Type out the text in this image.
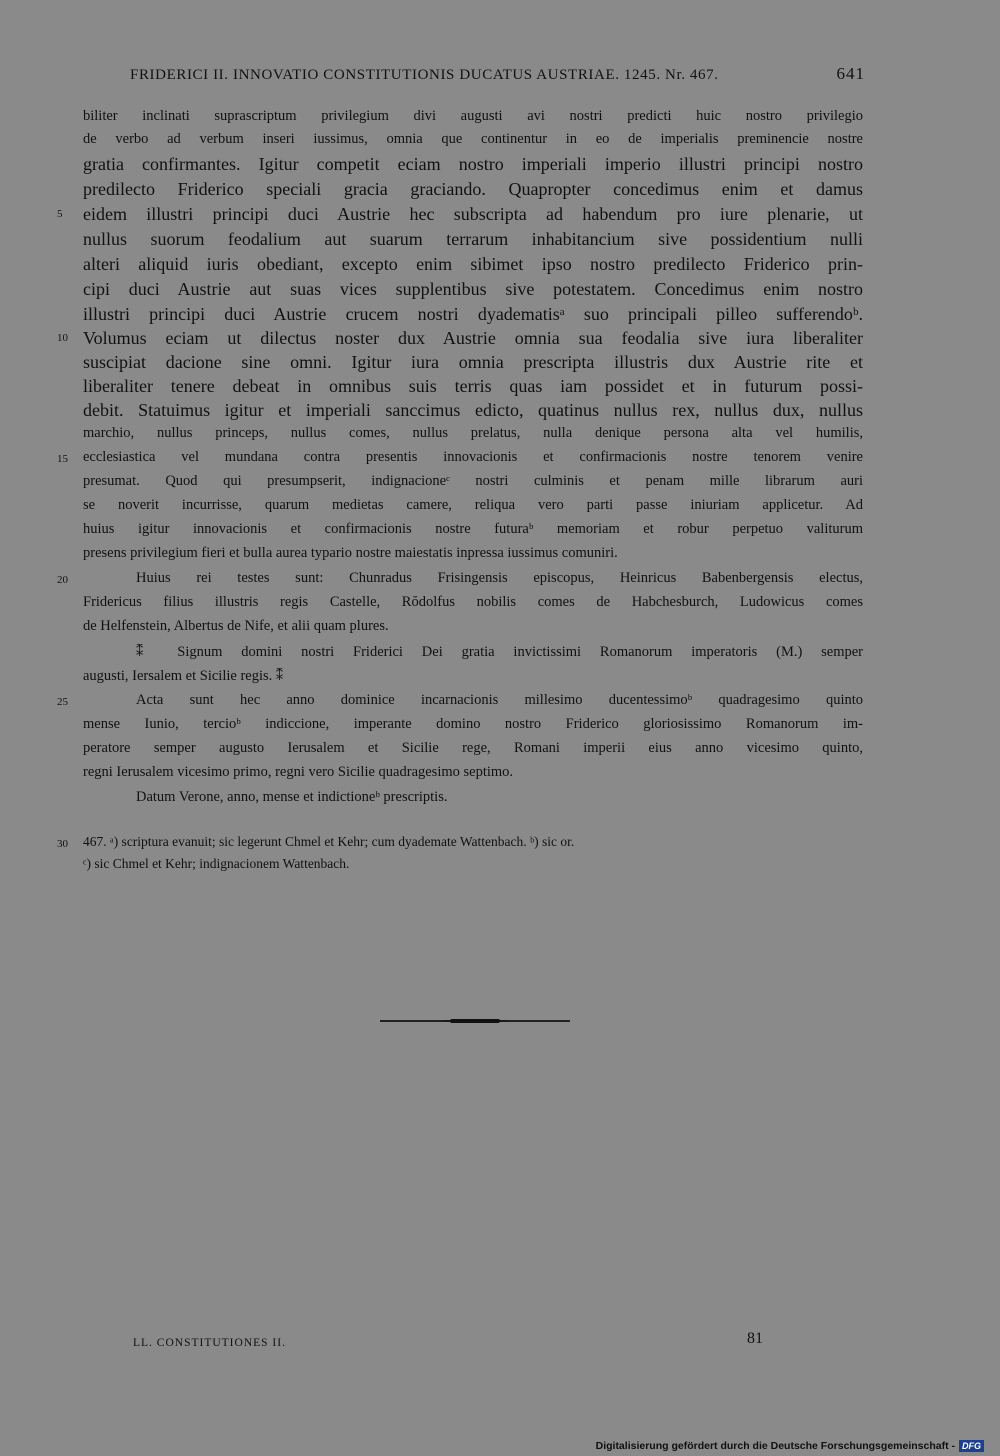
FRIDERICI II. INNOVATIO CONSTITUTIONIS DUCATUS AUSTRIAE. 1245. Nr. 467.	641
biliter inclinati suprascriptum privilegium divi augusti avi nostri predicti huic nostro privilegio
de verbo ad verbum inseri iussimus, omnia que continentur in eo de imperialis preminencie nostre
gratia confirmantes. Igitur competit eciam nostro imperiali imperio illustri principi nostro
predilecto Friderico speciali gracia graciando. Quapropter concedimus enim et damus
eidem illustri principi duci Austrie hec subscripta ad habendum pro iure plenarie, ut
nullus suorum feodalium aut suarum terrarum inhabitancium sive possidentium nulli
alteri aliquid iuris obediant, excepto enim sibimet ipso nostro predilecto Friderico prin-
cipi duci Austrie aut suas vices supplentibus sive potestatem. Concedimus enim nostro
illustri principi duci Austrie crucem nostri dyadematisᵃ suo principali pilleo sufferendoᵇ.
Volumus eciam ut dilectus noster dux Austrie omnia sua feodalia sive iura liberaliter
suscipiat dacione sine omni. Igitur iura omnia prescripta illustris dux Austrie rite et
liberaliter tenere debeat in omnibus suis terris quas iam possidet et in futurum possi-
debit. Statuimus igitur et imperiali sanccimus edicto, quatinus nullus rex, nullus dux, nullus
marchio, nullus princeps, nullus comes, nullus prelatus, nulla denique persona alta vel humilis,
ecclesiastica vel mundana contra presentis innovacionis et confirmacionis nostre tenorem venire
presumat. Quod qui presumpserit, indignacioneᶜ nostri culminis et penam mille librarum auri
se noverit incurrisse, quarum medietas camere, reliqua vero parti passe iniuriam applicetur. Ad
huius igitur innovacionis et confirmacionis nostre futuraᵇ memoriam et robur perpetuo valiturum
presens privilegium fieri et bulla aurea typario nostre maiestatis inpressa iussimus comuniri.
Huius rei testes sunt: Chunradus Frisingensis episcopus, Heinricus Babenbergensis electus,
Fridericus filius illustris regis Castelle, Rŏdolfus nobilis comes de Habchesburch, Ludowicus comes
de Helfenstein, Albertus de Nife, et alii quam plures.
⁑ Signum domini nostri Friderici Dei gratia invictissimi Romanorum imperatoris (M.) semper
augusti, Iersalem et Sicilie regis. ⁑
Acta sunt hec anno dominice incarnacionis millesimo ducentessimoᵇ quadragesimo quinto
mense Iunio, tercioᵇ indiccione, imperante domino nostro Friderico gloriosissimo Romanorum im-
peratore semper augusto Ierusalem et Sicilie rege, Romani imperii eius anno vicesimo quinto,
regni Ierusalem vicesimo primo, regni vero Sicilie quadragesimo septimo.
Datum Verone, anno, mense et indictioneᵇ prescriptis.
467. ᵃ) scriptura evanuit; sic legerunt Chmel et Kehr; cum dyademate Wattenbach. ᵇ) sic or.
ᶜ) sic Chmel et Kehr; indignacionem Wattenbach.
LL. CONSTITUTIONES II.	81
Digitalisierung gefördert durch die Deutsche Forschungsgemeinschaft - DFG
5
10
15
20
25
30
